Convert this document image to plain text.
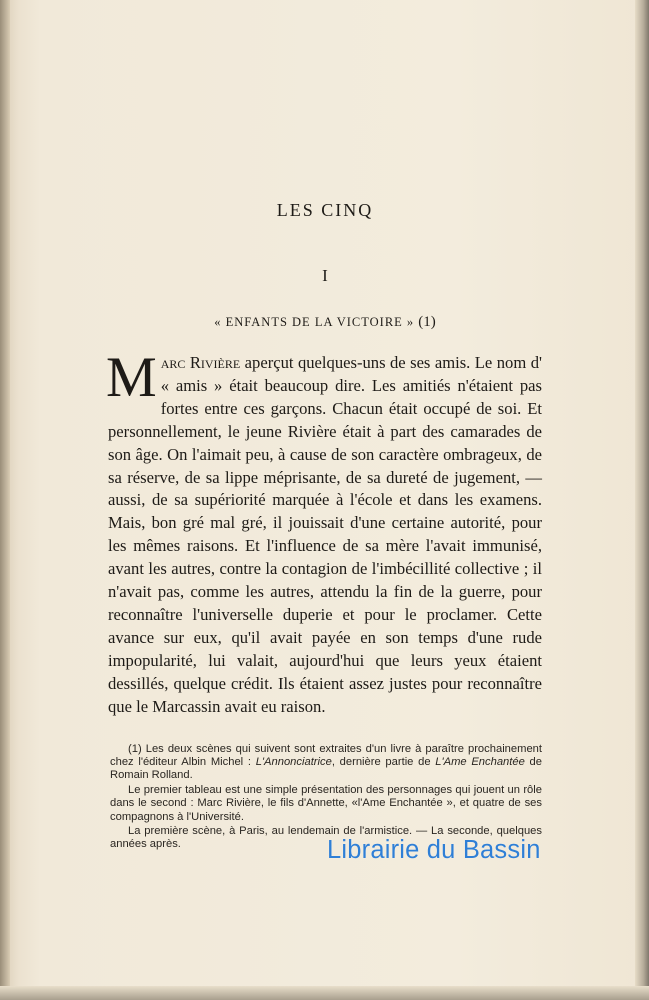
LES CINQ
I
« ENFANTS DE LA VICTOIRE » (1)

Marc Rivière aperçut quelques-uns de ses amis. Le nom d' « amis » était beaucoup dire. Les amitiés n'étaient pas fortes entre ces garçons. Chacun était occupé de soi. Et personnellement, le jeune Rivière était à part des camarades de son âge. On l'aimait peu, à cause de son caractère ombrageux, de sa réserve, de sa lippe méprisante, de sa dureté de jugement, — aussi, de sa supériorité marquée à l'école et dans les examens. Mais, bon gré mal gré, il jouissait d'une certaine autorité, pour les mêmes raisons. Et l'influence de sa mère l'avait immunisé, avant les autres, contre la contagion de l'imbécillité collective ; il n'avait pas, comme les autres, attendu la fin de la guerre, pour reconnaître l'universelle duperie et pour le proclamer. Cette avance sur eux, qu'il avait payée en son temps d'une rude impopularité, lui valait, aujourd'hui que leurs yeux étaient dessillés, quelque crédit. Ils étaient assez justes pour reconnaître que le Marcassin avait eu raison.

(1) Les deux scènes qui suivent sont extraites d'un livre à paraître prochainement chez l'éditeur Albin Michel : L'Annonciatrice, dernière partie de L'Ame Enchantée de Romain Rolland.

Le premier tableau est une simple présentation des personnages qui jouent un rôle dans le second : Marc Rivière, le fils d'Annette, «l'Ame Enchantée », et quatre de ses compagnons à l'Université.

La première scène, à Paris, au lendemain de l'armistice. — La seconde, quelques années après.	Librairie du Bassin
